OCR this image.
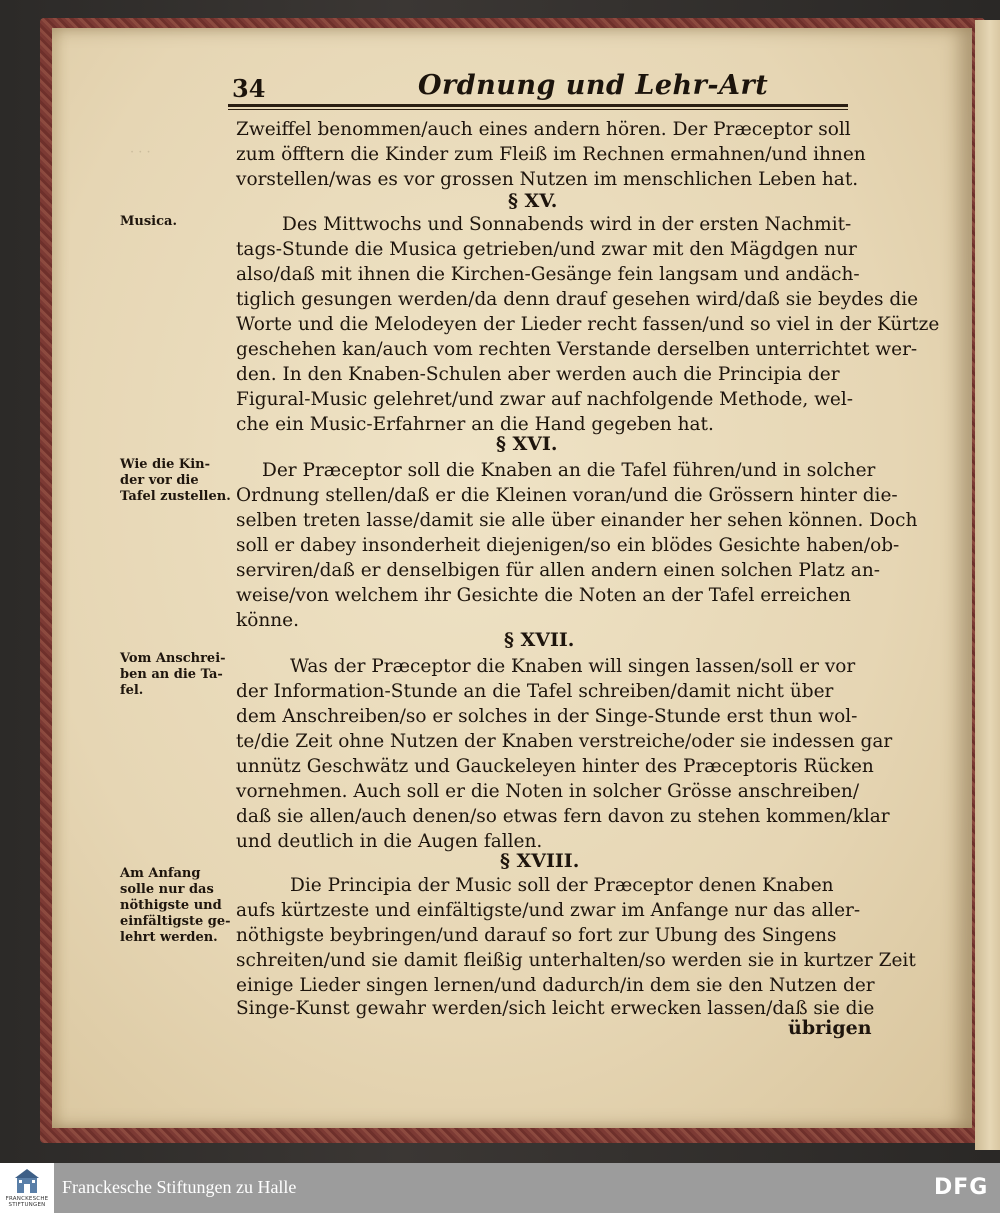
· · ·
34	Ordnung und Lehr-Art
Zweiffel benommen/auch eines andern hören. Der Præceptor soll
zum öfftern die Kinder zum Fleiß im Rechnen ermahnen/und ihnen
vorstellen/was es vor grossen Nutzen im menschlichen Leben hat.
§ XV.
Musica.	Des Mittwochs und Sonnabends wird in der ersten Nachmit-
tags-Stunde die Musica getrieben/und zwar mit den Mägdgen nur
also/daß mit ihnen die Kirchen-Gesänge fein langsam und andäch-
tiglich gesungen werden/da denn drauf gesehen wird/daß sie beydes die
Worte und die Melodeyen der Lieder recht fassen/und so viel in der Kürtze
geschehen kan/auch vom rechten Verstande derselben unterrichtet wer-
den. In den Knaben-Schulen aber werden auch die Principia der
Figural-Music gelehret/und zwar auf nachfolgende Methode, wel-
che ein Music-Erfahrner an die Hand gegeben hat.
§ XVI.
Wie die Kin- der vor die Tafel zustellen.
Der Præceptor soll die Knaben an die Tafel führen/und in solcher
Ordnung stellen/daß er die Kleinen voran/und die Grössern hinter die-
selben treten lasse/damit sie alle über einander her sehen können. Doch
soll er dabey insonderheit diejenigen/so ein blödes Gesichte haben/ob-
serviren/daß er denselbigen für allen andern einen solchen Platz an-
weise/von welchem ihr Gesichte die Noten an der Tafel erreichen
könne.
§ XVII.
Vom Anschrei- ben an die Ta- fel.
Was der Præceptor die Knaben will singen lassen/soll er vor
der Information-Stunde an die Tafel schreiben/damit nicht über
dem Anschreiben/so er solches in der Singe-Stunde erst thun wol-
te/die Zeit ohne Nutzen der Knaben verstreiche/oder sie indessen gar
unnütz Geschwätz und Gauckeleyen hinter des Præceptoris Rücken
vornehmen. Auch soll er die Noten in solcher Grösse anschreiben/
daß sie allen/auch denen/so etwas fern davon zu stehen kommen/klar
und deutlich in die Augen fallen.
§ XVIII.
Am Anfang solle nur das nöthigste und einfältigste ge- lehrt werden.
Die Principia der Music soll der Præceptor denen Knaben
aufs kürtzeste und einfältigste/und zwar im Anfange nur das aller-
nöthigste beybringen/und darauf so fort zur Ubung des Singens
schreiten/und sie damit fleißig unterhalten/so werden sie in kurtzer Zeit
einige Lieder singen lernen/und dadurch/in dem sie den Nutzen der
Singe-Kunst gewahr werden/sich leicht erwecken lassen/daß sie die
übrigen
FRANCKESCHE STIFTUNGEN
Franckesche Stiftungen zu Halle	DFG
